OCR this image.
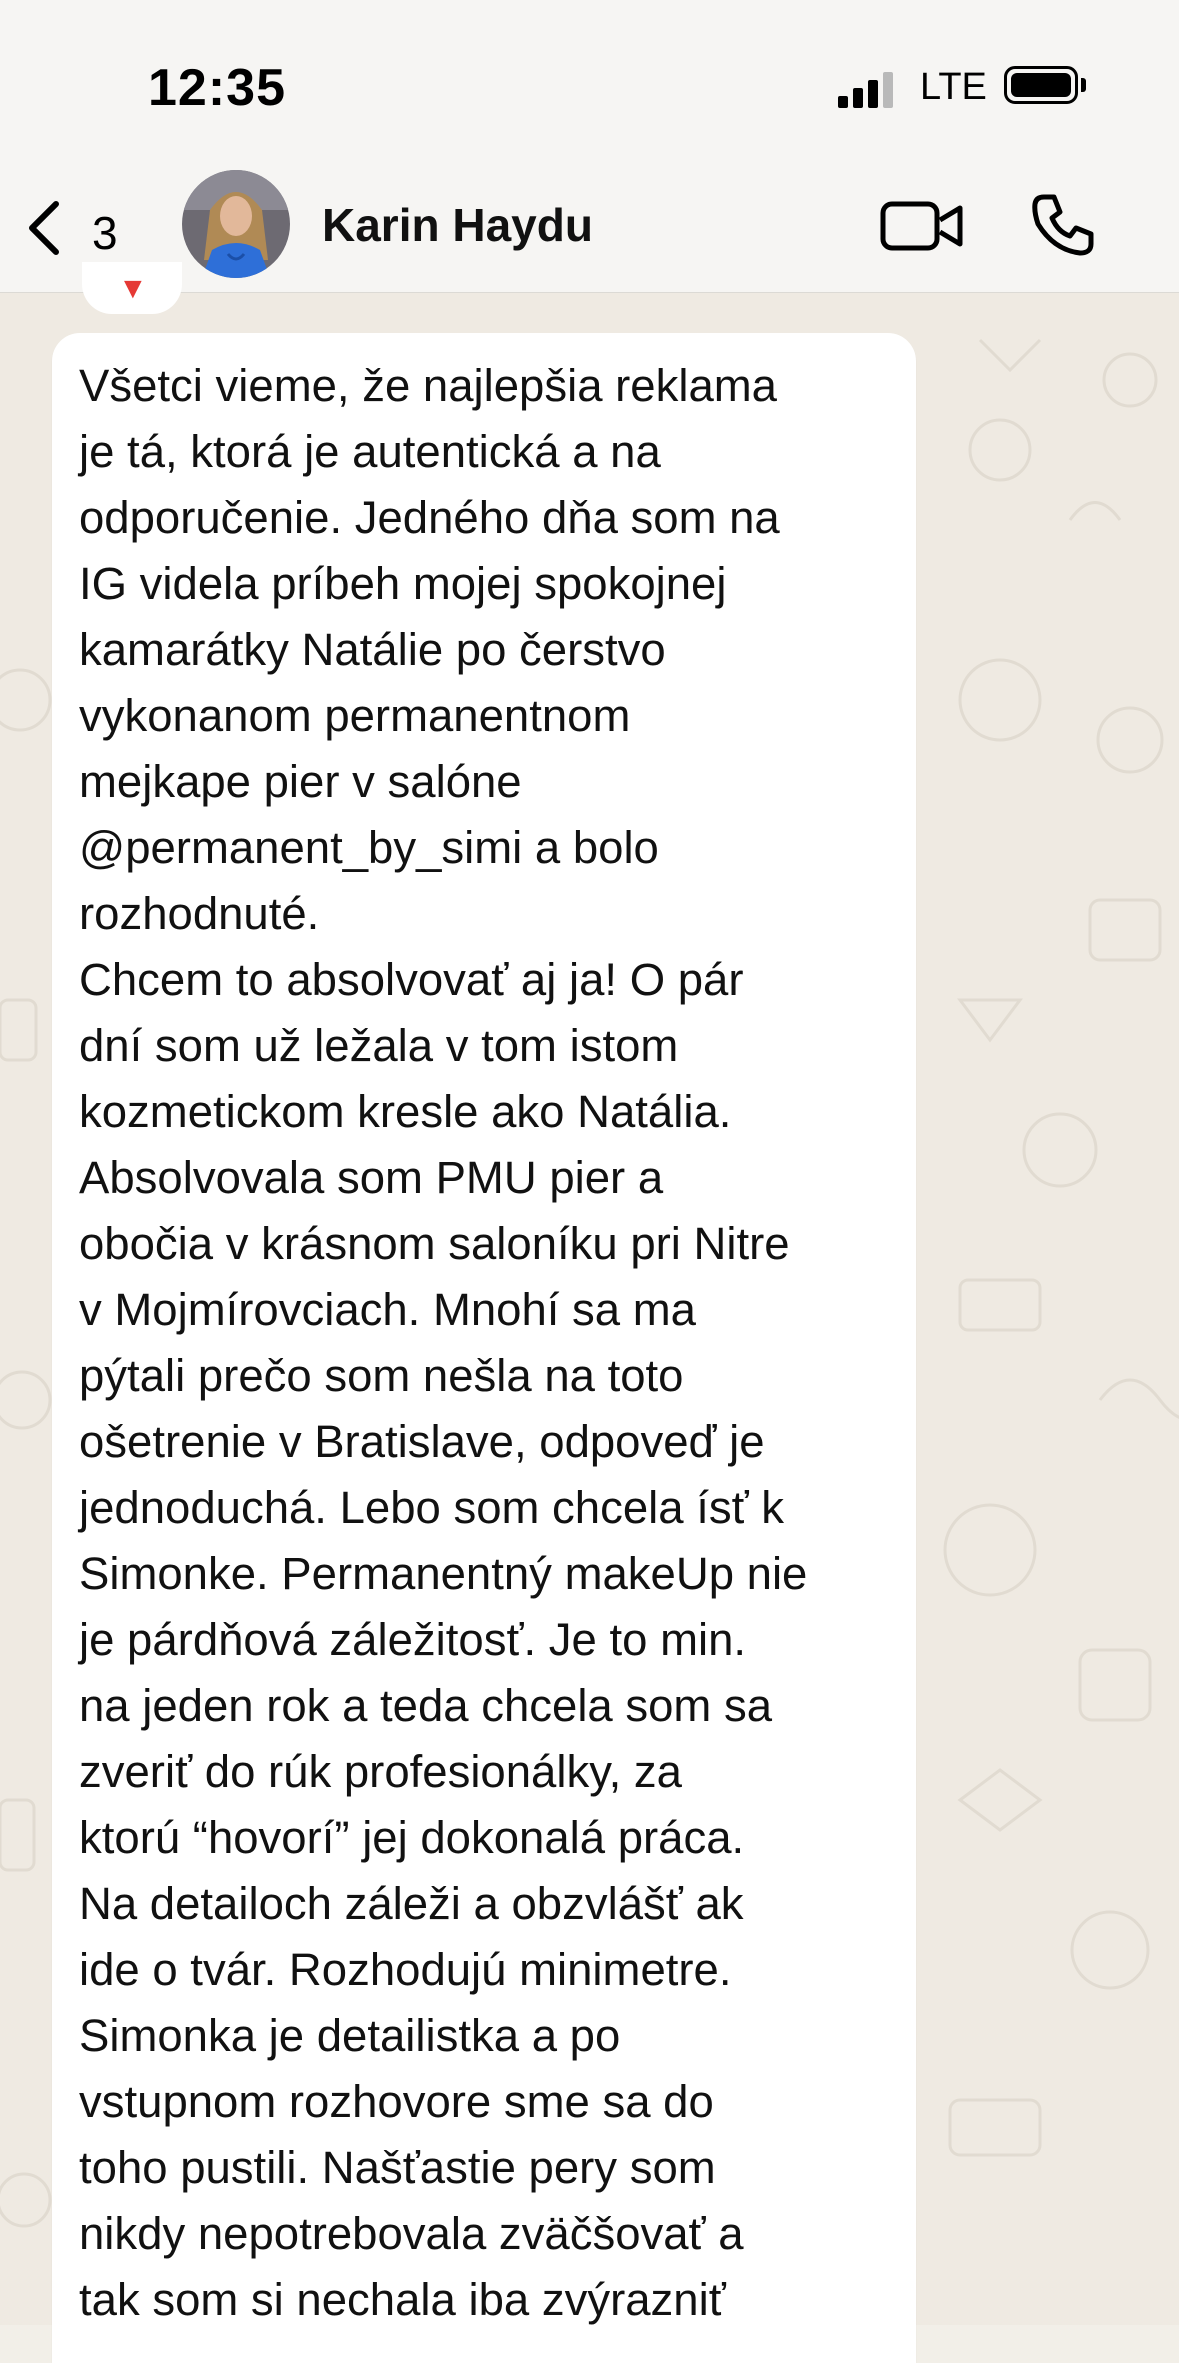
12:35	LTE
3	Karin Haydu
▼

Všetci vieme, že najlepšia reklama
je tá, ktorá je autentická a na
odporučenie. Jedného dňa som na
IG videla príbeh mojej spokojnej
kamarátky Natálie po čerstvo
vykonanom permanentnom
mejkape pier v salóne
@permanent_by_simi a bolo
rozhodnuté.
Chcem to absolvovať aj ja! O pár
dní som už ležala v tom istom
kozmetickom kresle ako Natália.
Absolvovala som PMU pier a
obočia v krásnom saloníku pri Nitre
v Mojmírovciach. Mnohí sa ma
pýtali prečo som nešla na toto
ošetrenie v Bratislave, odpoveď je
jednoduchá. Lebo som chcela ísť k
Simonke. Permanentný makeUp nie
je párdňová záležitosť. Je to min.
na jeden rok a teda chcela som sa
zveriť do rúk profesionálky, za
ktorú “hovorí” jej dokonalá práca.
Na detailoch záleži a obzvlášť ak
ide o tvár. Rozhodujú minimetre.
Simonka je detailistka a po
vstupnom rozhovore sme sa do
toho pustili. Našťastie pery som
nikdy nepotrebovala zväčšovať a
tak som si nechala iba zvýrazniť
